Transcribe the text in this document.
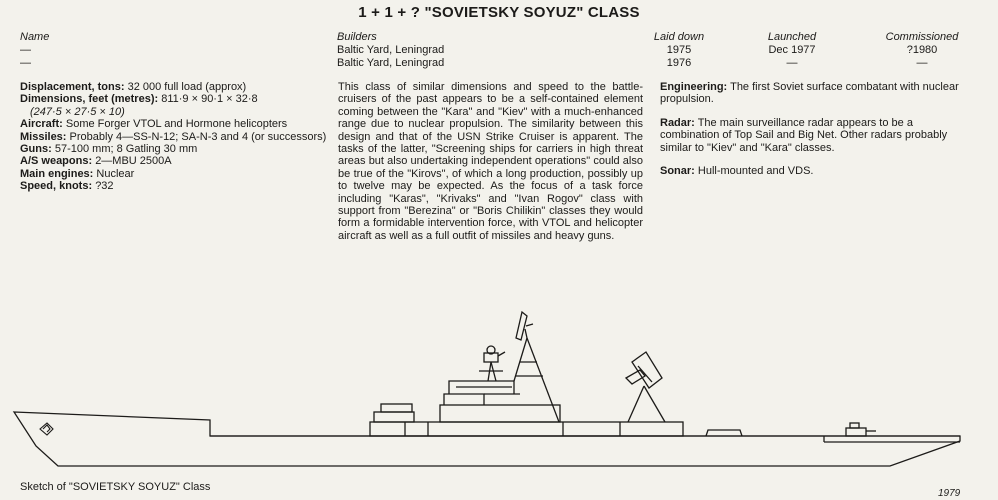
1 + 1 + ? "SOVIETSKY SOYUZ" CLASS
Name	Builders	Laid down	Launched	Commissioned
—	Baltic Yard, Leningrad	1975	Dec 1977	?1980
—	Baltic Yard, Leningrad	1976	—	—
Displacement, tons: 32 000 full load (approx)
Dimensions, feet (metres): 811·9 × 90·1 × 32·8
(247·5 × 27·5 × 10)
Aircraft: Some Forger VTOL and Hormone helicopters
Missiles: Probably 4—SS-N-12; SA-N-3 and 4 (or successors)
Guns: 57-100 mm; 8 Gatling 30 mm
A/S weapons: 2—MBU 2500A
Main engines: Nuclear
Speed, knots: ?32
This class of similar dimensions and speed to the battle-cruisers of the past appears to be a self-contained element coming between the "Kara" and "Kiev" with a much-enhanced range due to nuclear propulsion. The similarity between this design and that of the USN Strike Cruiser is apparent. The tasks of the latter, "Screening ships for carriers in high threat areas but also undertaking independent operations" could also be true of the "Kirovs", of which a long production, possibly up to twelve may be expected. As the focus of a task force including "Karas", "Krivaks" and "Ivan Rogov" class with support from "Berezina" or "Boris Chilikin" classes they would form a formidable intervention force, with VTOL and helicopter aircraft as well as a full outfit of missiles and heavy guns.

Engineering: The first Soviet surface combatant with nuclear propulsion.

Radar: The main surveillance radar appears to be a combination of Top Sail and Big Net. Other radars probably similar to "Kiev" and "Kara" classes.

Sonar: Hull-mounted and VDS.

Sketch of "SOVIETSKY SOYUZ" Class
1979
